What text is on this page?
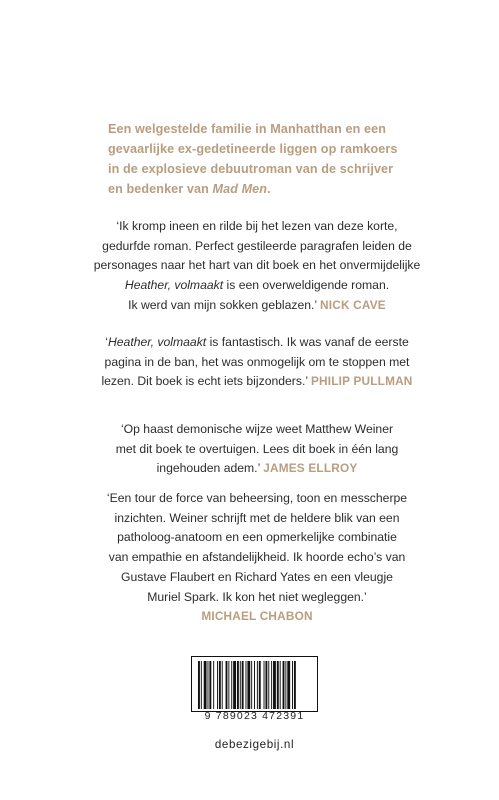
Een welgestelde familie in Manhatthan en een gevaarlijke ex-gedetineerde liggen op ramkoers in de explosieve debuutroman van de schrijver en bedenker van Mad Men.

‘Ik kromp ineen en rilde bij het lezen van deze korte,
gedurfde roman. Perfect gestileerde paragrafen leiden de
personages naar het hart van dit boek en het onvermijdelijke
Heather, volmaakt is een overweldigende roman.
Ik werd van mijn sokken geblazen.’ NICK CAVE

‘Heather, volmaakt is fantastisch. Ik was vanaf de eerste
pagina in de ban, het was onmogelijk om te stoppen met
lezen. Dit boek is echt iets bijzonders.’ PHILIP PULLMAN

‘Op haast demonische wijze weet Matthew Weiner
met dit boek te overtuigen. Lees dit boek in één lang
ingehouden adem.’ JAMES ELLROY

‘Een tour de force van beheersing, toon en messcherpe
inzichten. Weiner schrijft met de heldere blik van een
patholoog-anatoom en een opmerkelijke combinatie
van empathie en afstandelijkheid. Ik hoorde echo’s van
Gustave Flaubert en Richard Yates en een vleugje
Muriel Spark. Ik kon het niet wegleggen.’
MICHAEL CHABON

9 789023 472391
debezigebij.nl
